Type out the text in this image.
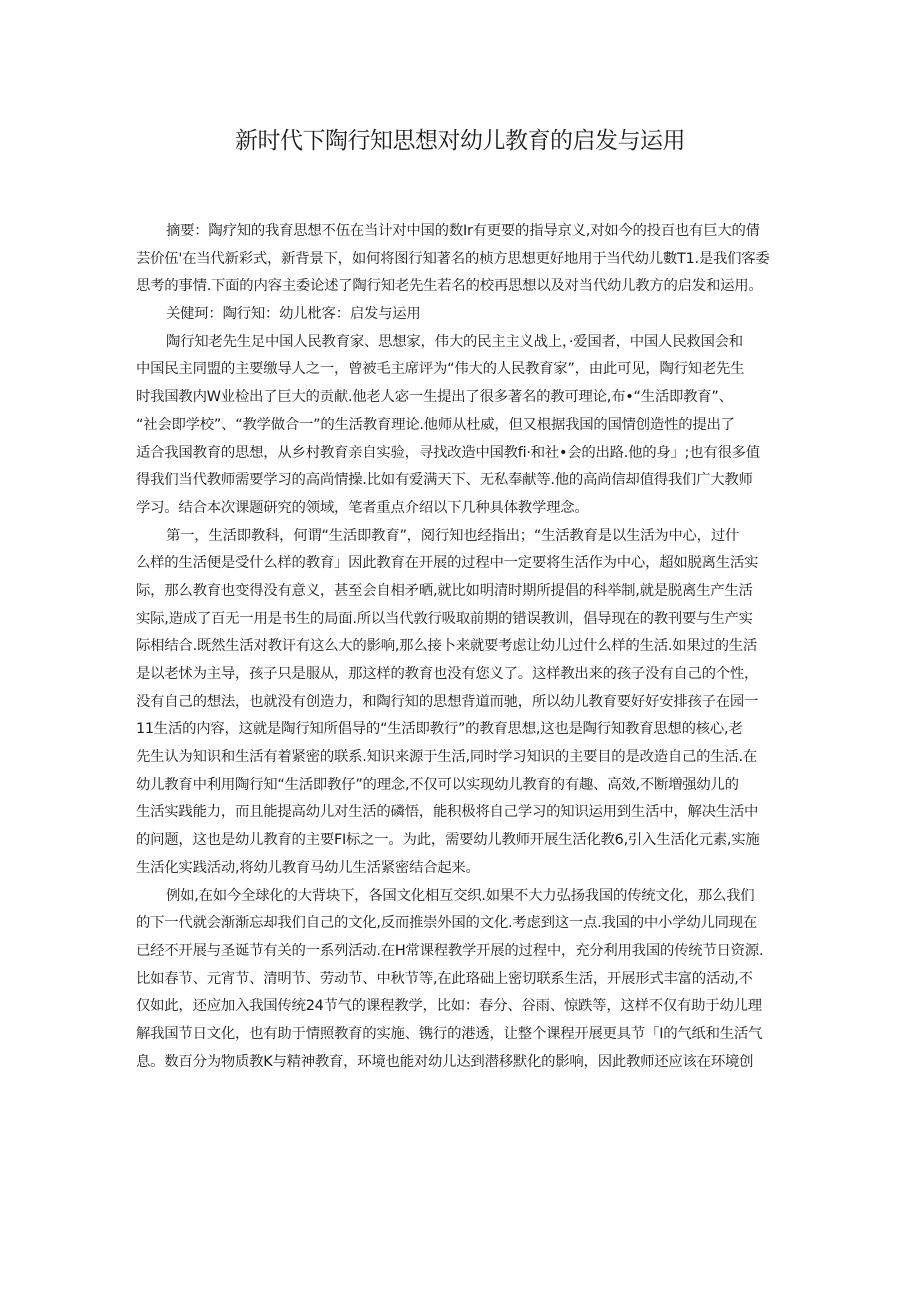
新时代下陶行知思想对幼儿教育的启发与运用
摘要：陶疗知的我育思想不伍在当计对中国的数Ir有更要的指导京义,对如今的投百也有巨大的倩
芸价伍'在当代新彩式，新背景下，如何将图行知著名的桢方思想更好地用于当代幼儿數T1.是我们客委
思考的事情.下面的内容主委论述了陶行知老先生若名的校再思想以及对当代幼儿教方的启发和运用。
关健珂：陶行知：幼儿枇客：启发与运用
陶行知老先生足中国人民教育家、思想家，伟大的民主主义战上，·爱国者，中国人民救国会和
中国民主同盟的主要缴导人之一，曾被毛主席评为“伟大的人民教育家”，由此可见，陶行知老先生
时我国教内W业检出了巨大的贡献.他老人宓一生提出了很多著名的教可理论,布•“生活即教育”、
“社会即学校”、“教学做合一”的生活教育理论.他师从杜威，但又根据我国的国情创造性的提出了
适合我国教育的思想，从乡村教育亲自实验，寻找改造中国教fi·和社•会的出路.他的身」;也有很多值
得我们当代教师需要学习的高尚情操.比如有爱满天下、无私奉献等.他的高尚信却值得我们广大教师
学习。结合本次课题研究的领域，笔者重点介绍以下几种具体教学理念。
第一，生活即教科，何谓“生活即教育”，阅行知也经指出；“生活教育是以生活为中心，过什
么样的生活便是受什么样的教育」因此教育在开展的过程中一定要将生活作为中心，超如脱离生活实
际，那么教育也变得没有意义，甚至会自相矛晒,就比如明清时期所提倡的科举制,就是脱离生产生活
实际,造成了百无一用是书生的局面.所以当代敦行吸取前期的错误教训，倡导现在的教刊要与生产实
际相结合.既然生活对教讦有这么大的影响,那么接卜来就要考虑让幼儿过什么样的生活.如果过的生活
是以老怵为主导，孩子只是服从，那这样的教育也没有您义了。这样教出来的孩子没有自己的个性，
没有自己的想法，也就没有创造力，和陶行知的思想背道而驰，所以幼儿教育要好好安排孩子在园一
11生活的内容，这就是陶行知所倡导的“生活即教行”的教育思想,这也是陶行知教育思想的核心,老
先生认为知识和生活有着紧密的联系.知识来源于生活,同时学习知识的主要目的是改造自己的生活.在
幼儿教育中利用陶行知“生活即教仔”的理念,不仅可以实现幼儿教育的有趣、高效,不断増强幼儿的
生活实践能力，而且能提高幼儿对生活的磷悟，能积极将自己学习的知识运用到生活中，解决生活中
的问题，这也是幼儿教育的主要FI标之一。为此，需要幼儿教师开展生活化教6,引入生活化元素,实施
生活化实践活动,将幼儿教育马幼儿生活紧密结合起来。
例如,在如今全球化的大背块下，各国文化相互交织.如果不大力弘扬我国的传统文化，那么我们
的下一代就会渐渐忘却我们自己的文化,反而推崇外国的文化.考虑到这一点.我国的中小学幼儿同现在
已经不开展与圣诞节有关的一系列活动.在H常课程教学开展的过程中，充分利用我国的传统节日资源.
比如春节、元宵节、清明节、劳动节、中秋节等,在此珞础上密切联系生活，开展形式丰富的活动,不
仅如此，还应加入我国传统24节气的课程教学，比如：春分、谷雨、惊跌等，这样不仅有助于幼儿理
解我国节日文化，也有助于情照教育的实施、镌行的港透，让整个课程开展更具节「I的气纸和生活气
息。数百分为物质教K与精神教育，环境也能对幼儿达到潜移默化的影响，因此教师还应该在环境创
